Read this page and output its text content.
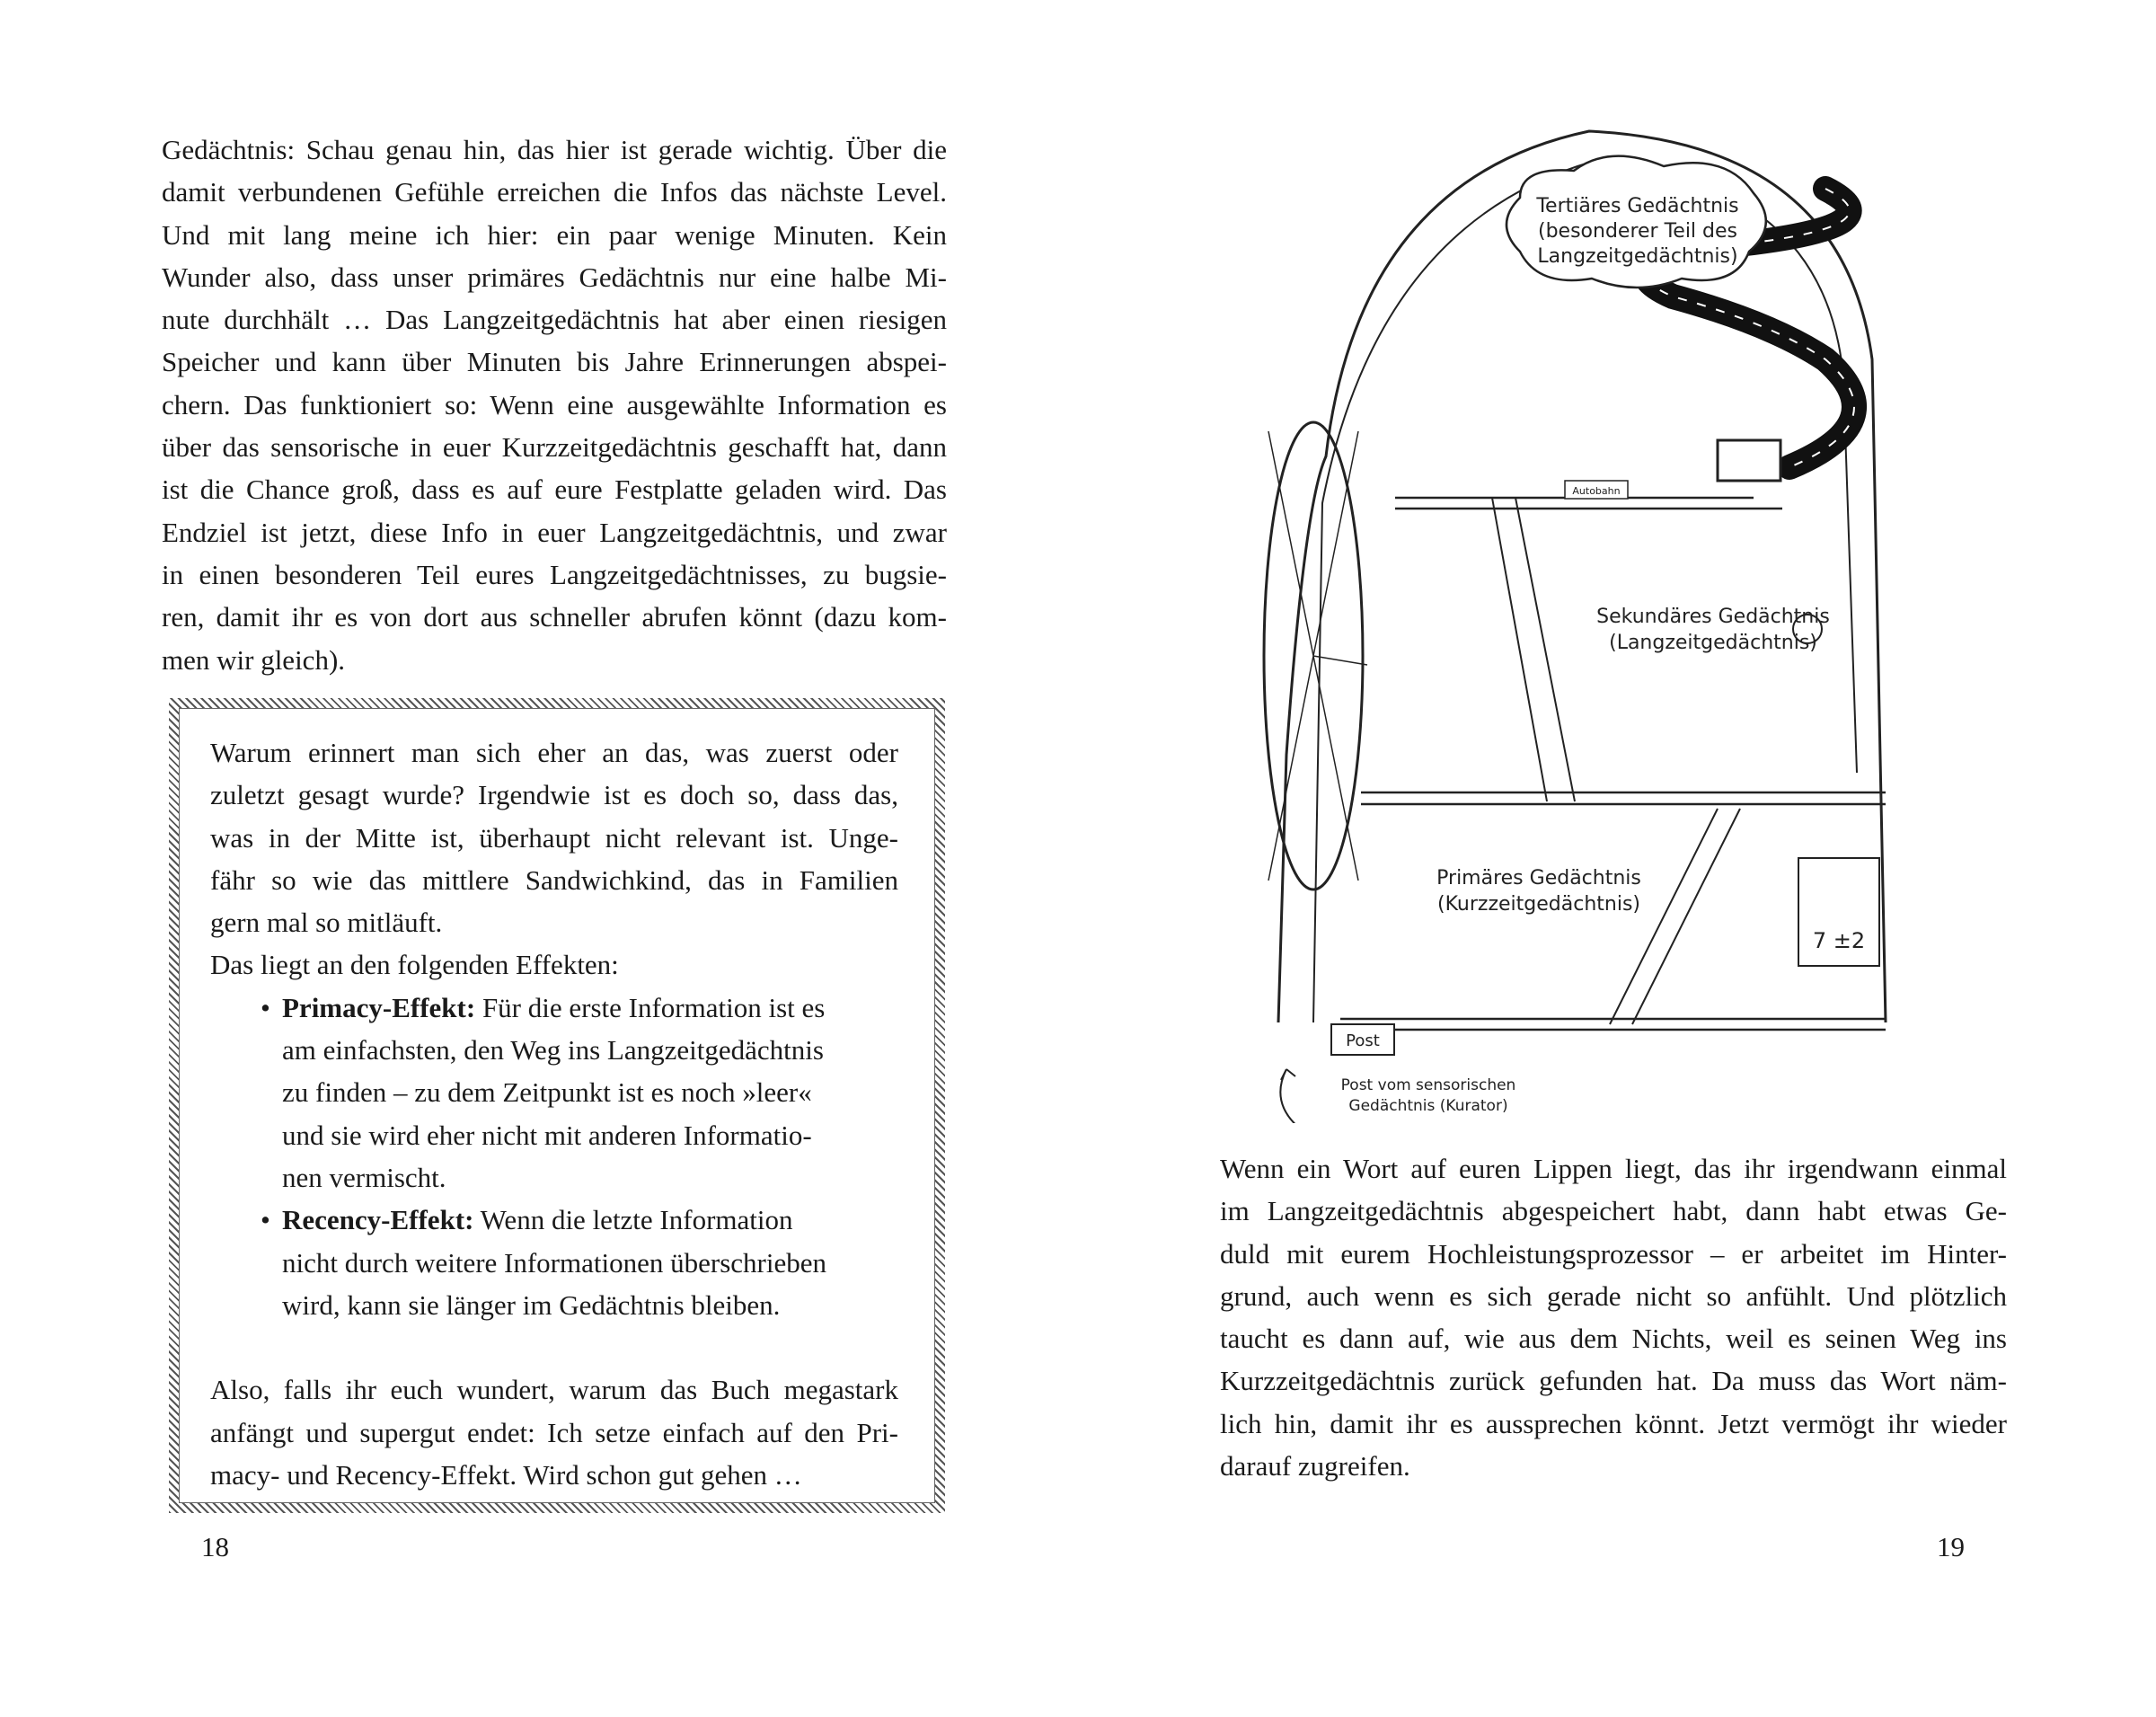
Gedächtnis: Schau genau hin, das hier ist gerade wichtig. Über die
damit verbundenen Gefühle erreichen die Infos das nächste Level.
Und mit lang meine ich hier: ein paar wenige Minuten. Kein
Wunder also, dass unser primäres Gedächtnis nur eine halbe Mi-
nute durchhält … Das Langzeitgedächtnis hat aber einen riesigen
Speicher und kann über Minuten bis Jahre Erinnerungen abspei-
chern. Das funktioniert so: Wenn eine ausgewählte Information es
über das sensorische in euer Kurzzeitgedächtnis geschafft hat, dann
ist die Chance groß, dass es auf eure Festplatte geladen wird. Das
Endziel ist jetzt, diese Info in euer Langzeitgedächtnis, und zwar
in einen besonderen Teil eures Langzeitgedächtnisses, zu bugsie-
ren, damit ihr es von dort aus schneller abrufen könnt (dazu kom-
men wir gleich).
Warum erinnert man sich eher an das, was zuerst oder
zuletzt gesagt wurde? Irgendwie ist es doch so, dass das,
was in der Mitte ist, überhaupt nicht relevant ist. Unge-
fähr so wie das mittlere Sandwichkind, das in Familien
gern mal so mitläuft.
Das liegt an den folgenden Effekten:
• Primacy-Effekt: Für die erste Information ist es
am einfachsten, den Weg ins Langzeitgedächtnis
zu finden – zu dem Zeitpunkt ist es noch »leer«
und sie wird eher nicht mit anderen Informatio-
nen vermischt.
• Recency-Effekt: Wenn die letzte Information
nicht durch weitere Informationen überschrieben
wird, kann sie länger im Gedächtnis bleiben.
Also, falls ihr euch wundert, warum das Buch megastark
anfängt und supergut endet: Ich setze einfach auf den Pri-
macy- und Recency-Effekt. Wird schon gut gehen …
18
Tertiäres Gedächtnis
(besonderer Teil des
Langzeitgedächtnis)
Sekundäres Gedächtnis
(Langzeitgedächtnis)
Primäres Gedächtnis
(Kurzzeitgedächtnis)
Post vom sensorischen
Gedächtnis (Kurator)
Post
Autobahn
7 ±2
Wenn ein Wort auf euren Lippen liegt, das ihr irgendwann einmal
im Langzeitgedächtnis abgespeichert habt, dann habt etwas Ge-
duld mit eurem Hochleistungsprozessor – er arbeitet im Hinter-
grund, auch wenn es sich gerade nicht so anfühlt. Und plötzlich
taucht es dann auf, wie aus dem Nichts, weil es seinen Weg ins
Kurzzeitgedächtnis zurück gefunden hat. Da muss das Wort näm-
lich hin, damit ihr es aussprechen könnt. Jetzt vermögt ihr wieder
darauf zugreifen.
19
